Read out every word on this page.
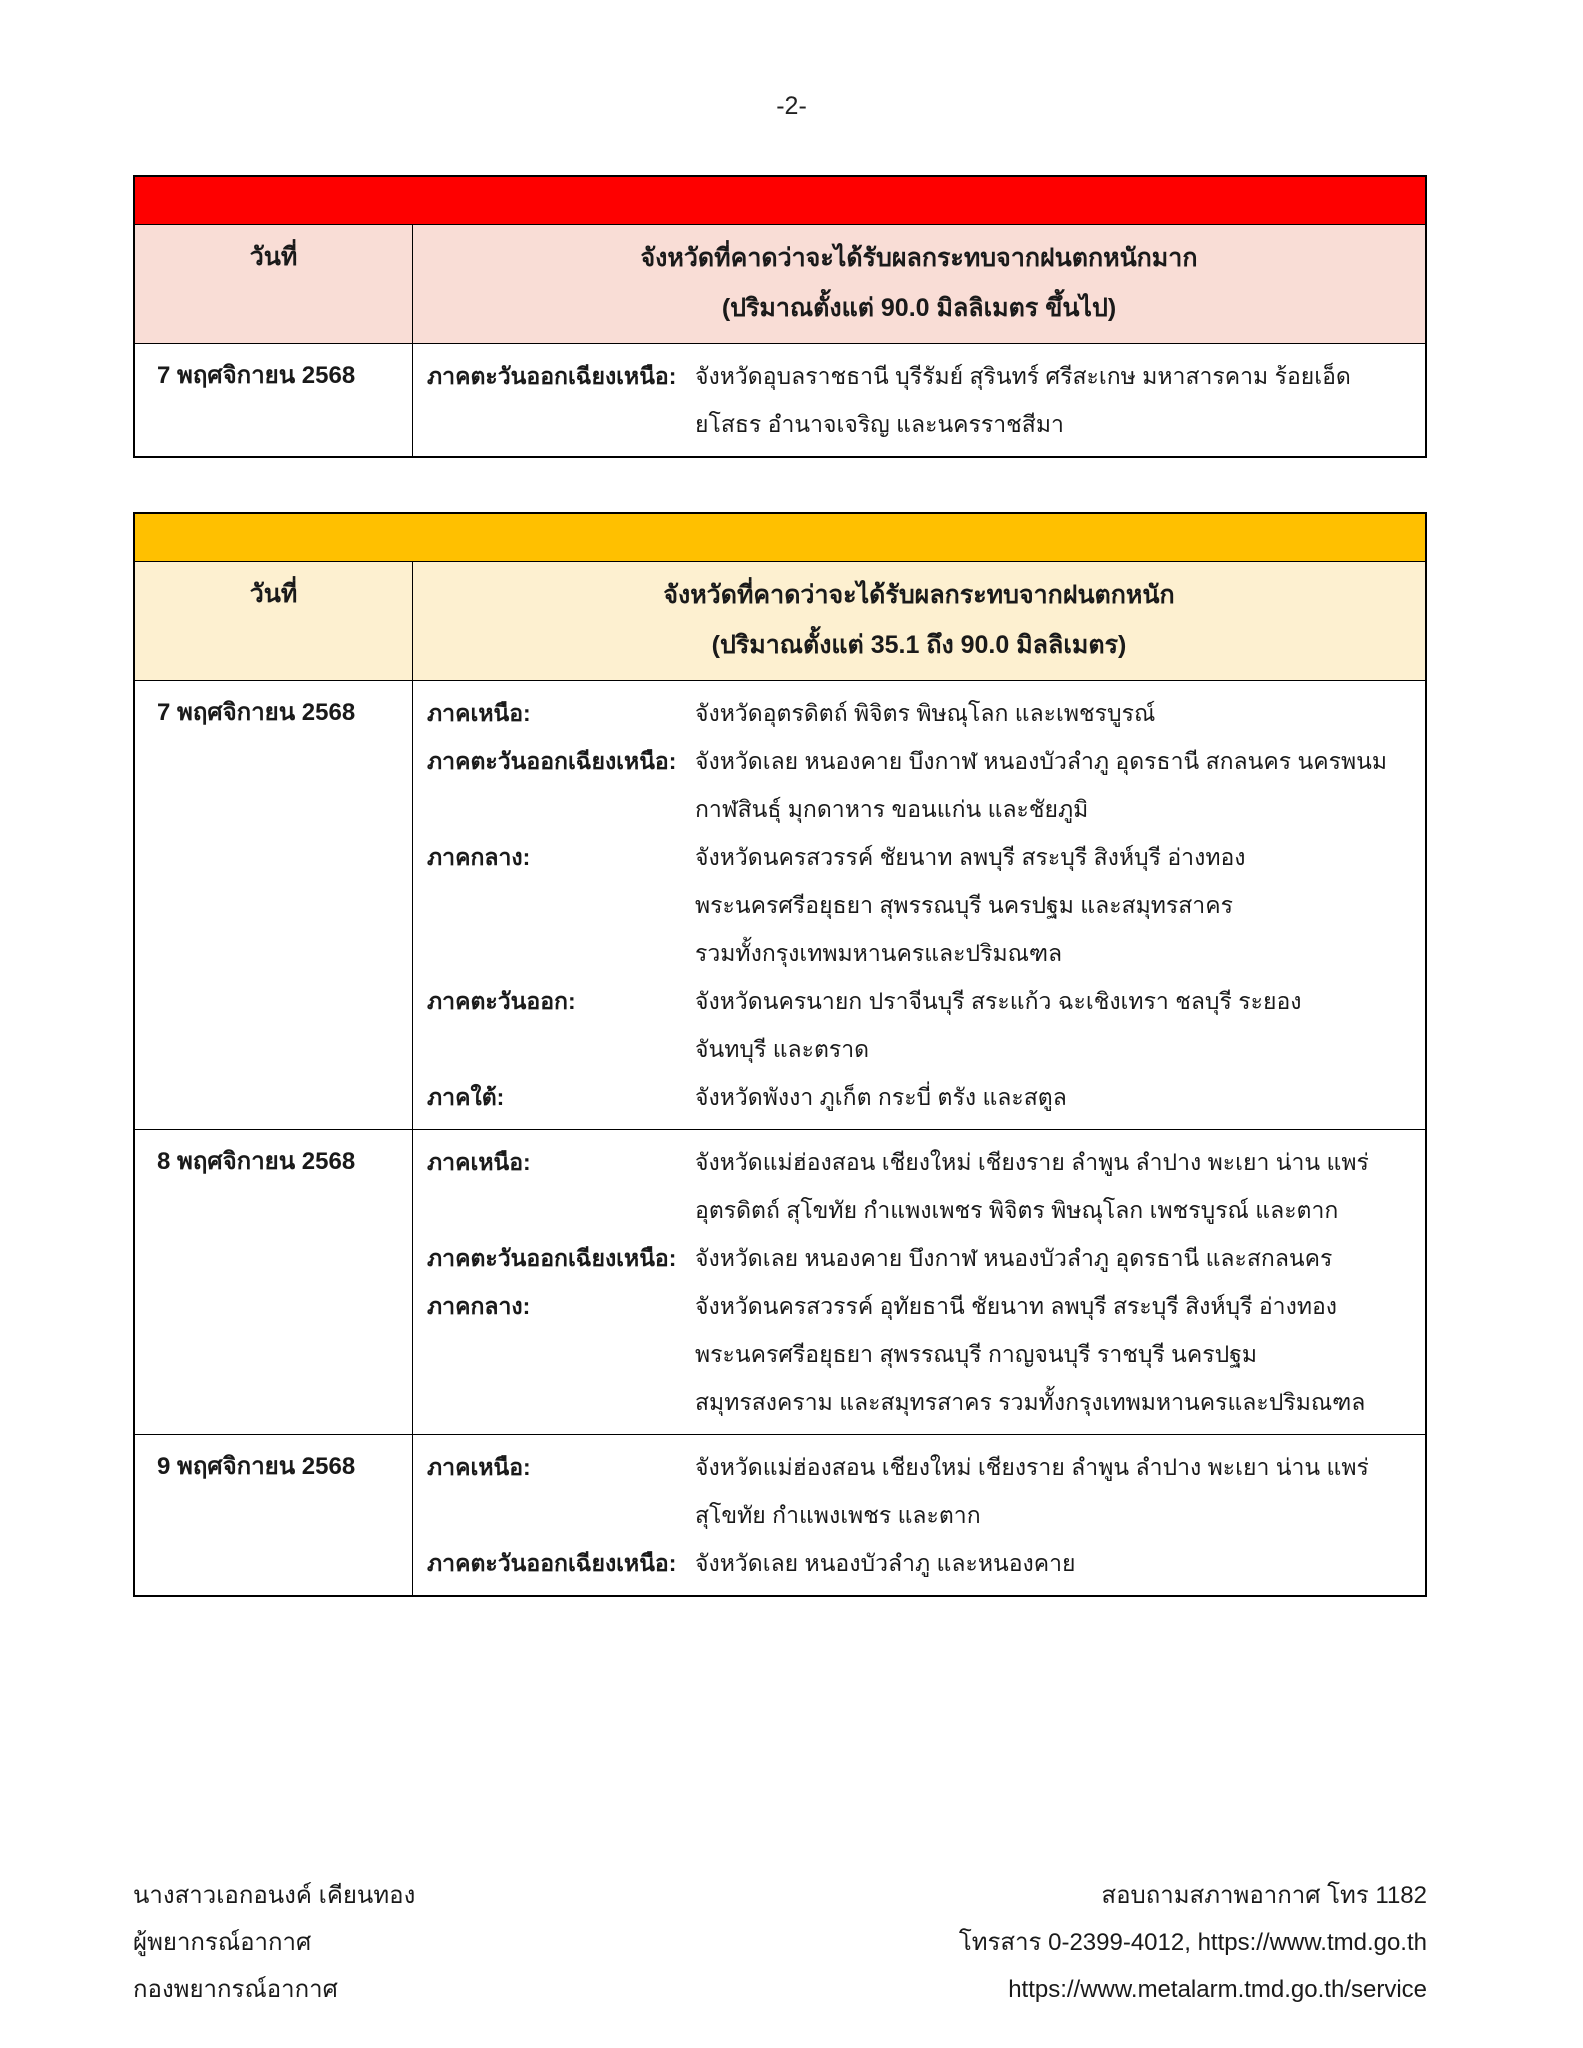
-2-
วันที่	จังหวัดที่คาดว่าจะได้รับผลกระทบจากฝนตกหนักมาก
(ปริมาณตั้งแต่ 90.0 มิลลิเมตร ขึ้นไป)
7 พฤศจิกายน 2568	ภาคตะวันออกเฉียงเหนือ: จังหวัดอุบลราชธานี บุรีรัมย์ สุรินทร์ ศรีสะเกษ มหาสารคาม ร้อยเอ็ด
ยโสธร อำนาจเจริญ และนครราชสีมา
วันที่	จังหวัดที่คาดว่าจะได้รับผลกระทบจากฝนตกหนัก
(ปริมาณตั้งแต่ 35.1 ถึง 90.0 มิลลิเมตร)
7 พฤศจิกายน 2568	ภาคเหนือ:	จังหวัดอุตรดิตถ์ พิจิตร พิษณุโลก และเพชรบูรณ์
ภาคตะวันออกเฉียงเหนือ: จังหวัดเลย หนองคาย บึงกาฬ หนองบัวลำภู อุดรธานี สกลนคร นครพนม
กาฬสินธุ์ มุกดาหาร ขอนแก่น และชัยภูมิ
ภาคกลาง:	จังหวัดนครสวรรค์ ชัยนาท ลพบุรี สระบุรี สิงห์บุรี อ่างทอง
พระนครศรีอยุธยา สุพรรณบุรี นครปฐม และสมุทรสาคร
รวมทั้งกรุงเทพมหานครและปริมณฑล
ภาคตะวันออก:	จังหวัดนครนายก ปราจีนบุรี สระแก้ว ฉะเชิงเทรา ชลบุรี ระยอง
จันทบุรี และตราด
ภาคใต้:	จังหวัดพังงา ภูเก็ต กระบี่ ตรัง และสตูล
8 พฤศจิกายน 2568	ภาคเหนือ:	จังหวัดแม่ฮ่องสอน เชียงใหม่ เชียงราย ลำพูน ลำปาง พะเยา น่าน แพร่
อุตรดิตถ์ สุโขทัย กำแพงเพชร พิจิตร พิษณุโลก เพชรบูรณ์ และตาก
ภาคตะวันออกเฉียงเหนือ: จังหวัดเลย หนองคาย บึงกาฬ หนองบัวลำภู อุดรธานี และสกลนคร
ภาคกลาง:	จังหวัดนครสวรรค์ อุทัยธานี ชัยนาท ลพบุรี สระบุรี สิงห์บุรี อ่างทอง
พระนครศรีอยุธยา สุพรรณบุรี กาญจนบุรี ราชบุรี นครปฐม
สมุทรสงคราม และสมุทรสาคร รวมทั้งกรุงเทพมหานครและปริมณฑล
9 พฤศจิกายน 2568	ภาคเหนือ:	จังหวัดแม่ฮ่องสอน เชียงใหม่ เชียงราย ลำพูน ลำปาง พะเยา น่าน แพร่
สุโขทัย กำแพงเพชร และตาก
ภาคตะวันออกเฉียงเหนือ: จังหวัดเลย หนองบัวลำภู และหนองคาย
นางสาวเอกอนงค์ เคียนทอง
ผู้พยากรณ์อากาศ
กองพยากรณ์อากาศ
สอบถามสภาพอากาศ โทร 1182
โทรสาร 0-2399-4012, https://www.tmd.go.th
https://www.metalarm.tmd.go.th/service
